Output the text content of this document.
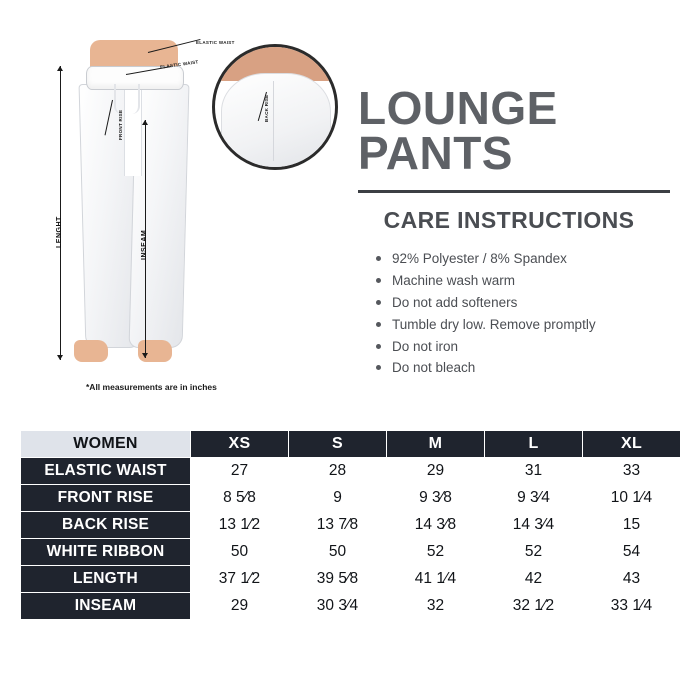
ELASTIC WAIST
ELASTIC WAIST
FRONT RISE
BACK RISE
LENGHT	INSEAM
*All measurements are in inches
LOUNGE
PANTS
CARE INSTRUCTIONS
92% Polyester / 8% Spandex
Machine wash warm
Do not add softeners
Tumble dry low. Remove promptly
Do not iron
Do not bleach
WOMEN	XS	S	M	L	XL
ELASTIC WAIST	27	28	29	31	33
FRONT RISE	8 5⁄8	9	9 3⁄8	9 3⁄4	10 1⁄4
BACK RISE	13 1⁄2	13 7⁄8	14 3⁄8	14 3⁄4	15
WHITE RIBBON	50	50	52	52	54
LENGTH	37 1⁄2	39 5⁄8	41 1⁄4	42	43
INSEAM	29	30 3⁄4	32	32 1⁄2	33 1⁄4
